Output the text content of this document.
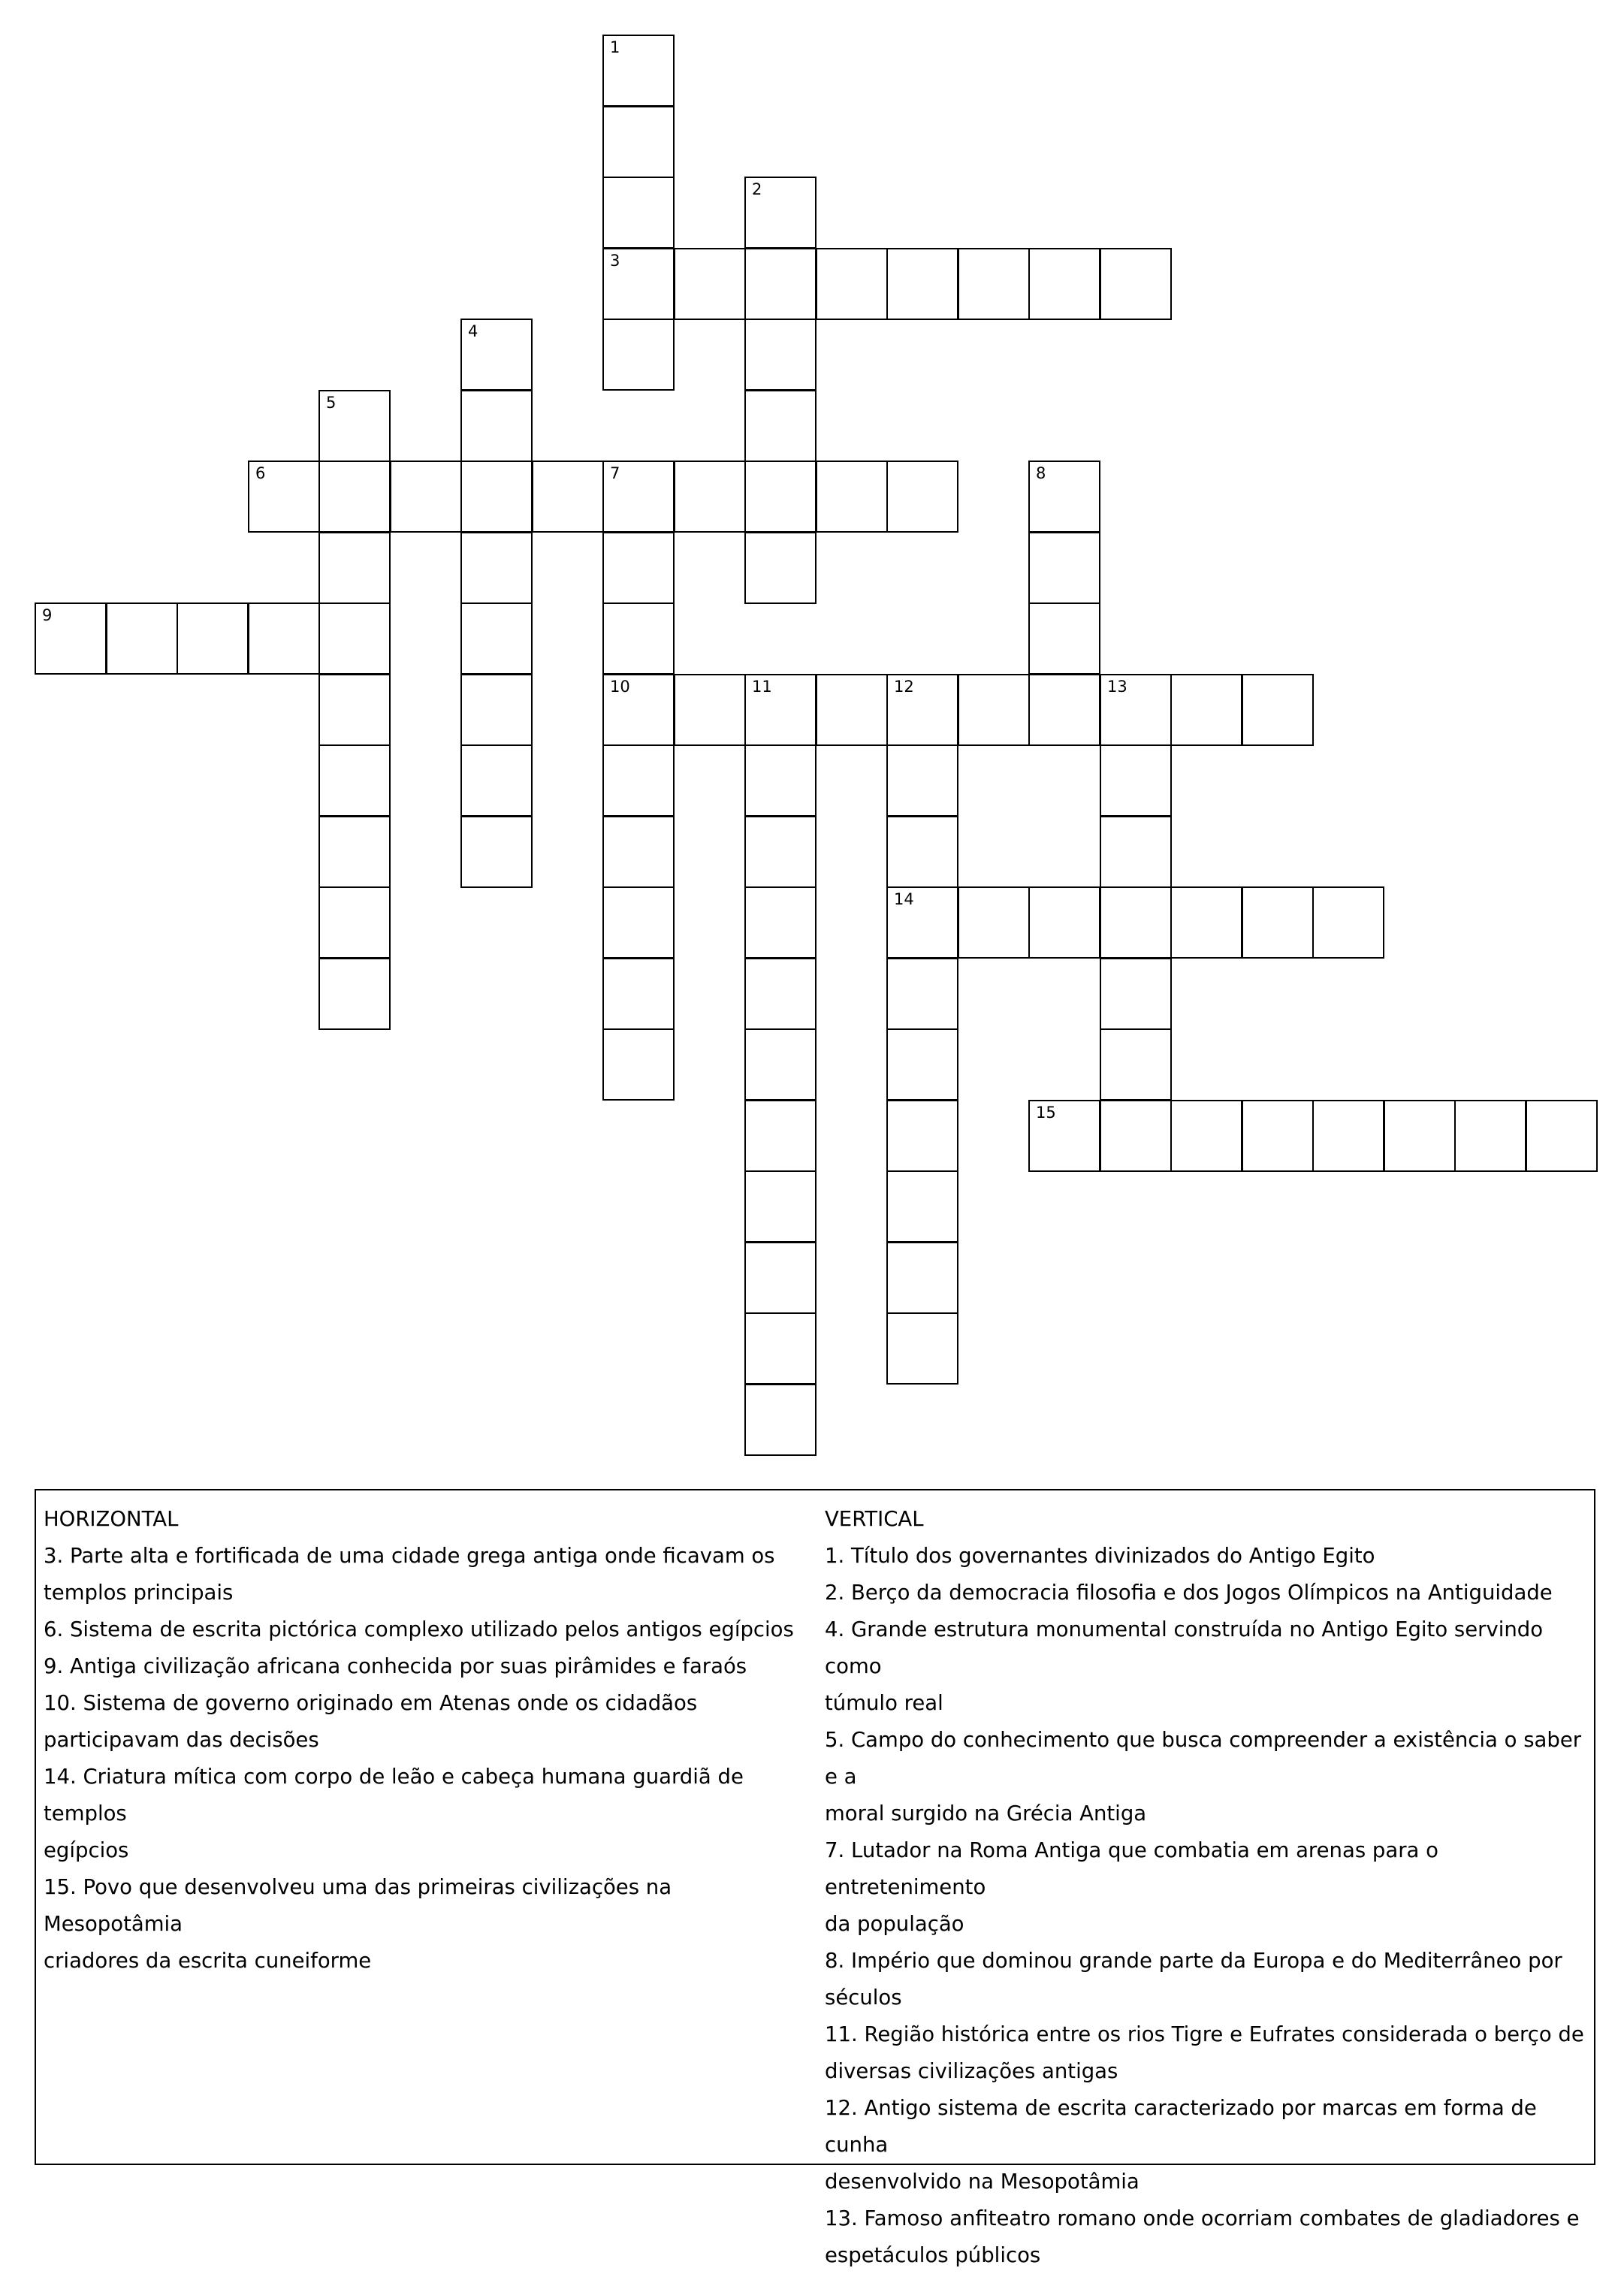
1
3
2
4
5
6	7
10
8
9
11	12	13
14
15
HORIZONTAL
3. Parte alta e fortificada de uma cidade grega antiga onde ficavam os
templos principais
6. Sistema de escrita pictórica complexo utilizado pelos antigos egípcios
9. Antiga civilização africana conhecida por suas pirâmides e faraós
10. Sistema de governo originado em Atenas onde os cidadãos
participavam das decisões
14. Criatura mítica com corpo de leão e cabeça humana guardiã de templos
egípcios
15. Povo que desenvolveu uma das primeiras civilizações na Mesopotâmia
criadores da escrita cuneiforme
VERTICAL
1. Título dos governantes divinizados do Antigo Egito
2. Berço da democracia filosofia e dos Jogos Olímpicos na Antiguidade
4. Grande estrutura monumental construída no Antigo Egito servindo como
túmulo real
5. Campo do conhecimento que busca compreender a existência o saber e a
moral surgido na Grécia Antiga
7. Lutador na Roma Antiga que combatia em arenas para o entretenimento
da população
8. Império que dominou grande parte da Europa e do Mediterrâneo por
séculos
11. Região histórica entre os rios Tigre e Eufrates considerada o berço de
diversas civilizações antigas
12. Antigo sistema de escrita caracterizado por marcas em forma de cunha
desenvolvido na Mesopotâmia
13. Famoso anfiteatro romano onde ocorriam combates de gladiadores e
espetáculos públicos
